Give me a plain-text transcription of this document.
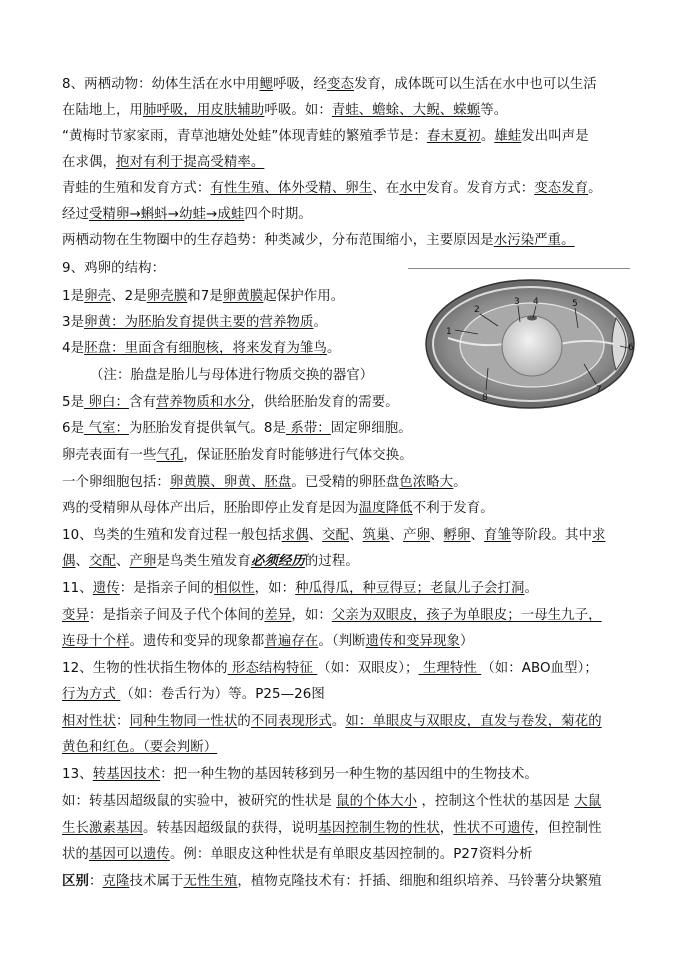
8、两栖动物：幼体生活在水中用鳃呼吸，经变态发育，成体既可以生活在水中也可以生活
在陆地上，用肺呼吸，用皮肤辅助呼吸。如：青蛙、蟾蜍、大鲵、蝾螈等。
“黄梅时节家家雨，青草池塘处处蛙”体现青蛙的繁殖季节是：春末夏初。雄蛙发出叫声是
在求偶，抱对有利于提高受精率。
青蛙的生殖和发育方式：有性生殖、体外受精、卵生、在水中发育。发育方式：变态发育。
经过受精卵→蝌蚪→幼蛙→成蛙四个时期。
两栖动物在生物圈中的生存趋势：种类减少，分布范围缩小，主要原因是水污染严重。
9、鸡卵的结构：
1是卵壳、2是卵壳膜和7是卵黄膜起保护作用。
3是卵黄：为胚胎发育提供主要的营养物质。
4是胚盘：里面含有细胞核，将来发育为雏鸟。
（注：胎盘是胎儿与母体进行物质交换的器官）
5是 卵白：含有营养物质和水分，供给胚胎发育的需要。
6是 气室：为胚胎发育提供氧气。8是 系带：固定卵细胞。
卵壳表面有一些气孔，保证胚胎发育时能够进行气体交换。
一个卵细胞包括：卵黄膜、卵黄、胚盘。已受精的卵胚盘色浓略大。
鸡的受精卵从母体产出后，胚胎即停止发育是因为温度降低不利于发育。
1
2
3 4	5
6
7
8
10、鸟类的生殖和发育过程一般包括求偶、交配、筑巢、产卵、孵卵、育雏等阶段。其中求
偶、交配、产卵是鸟类生殖发育必须经历的过程。
11、遗传：是指亲子间的相似性，如：种瓜得瓜，种豆得豆；老鼠儿子会打洞。
变异：是指亲子间及子代个体间的差异，如：父亲为双眼皮，孩子为单眼皮；一母生九子，
连母十个样。遗传和变异的现象都普遍存在。（判断遗传和变异现象）
12、生物的性状指生物体的 形态结构特征 （如：双眼皮）； 生理特性 （如：ABO血型）；
行为方式 （如：卷舌行为）等。P25—26图
相对性状：同种生物同一性状的不同表现形式。如：单眼皮与双眼皮，直发与卷发，菊花的
黄色和红色。（要会判断）
13、转基因技术：把一种生物的基因转移到另一种生物的基因组中的生物技术。
如：转基因超级鼠的实验中，被研究的性状是 鼠的个体大小 ，控制这个性状的基因是 大鼠
生长激素基因。转基因超级鼠的获得，说明基因控制生物的性状，性状不可遗传，但控制性
状的基因可以遗传。例：单眼皮这种性状是有单眼皮基因控制的。P27资料分析
区别：克隆技术属于无性生殖，植物克隆技术有：扦插、细胞和组织培养、马铃薯分块繁殖
